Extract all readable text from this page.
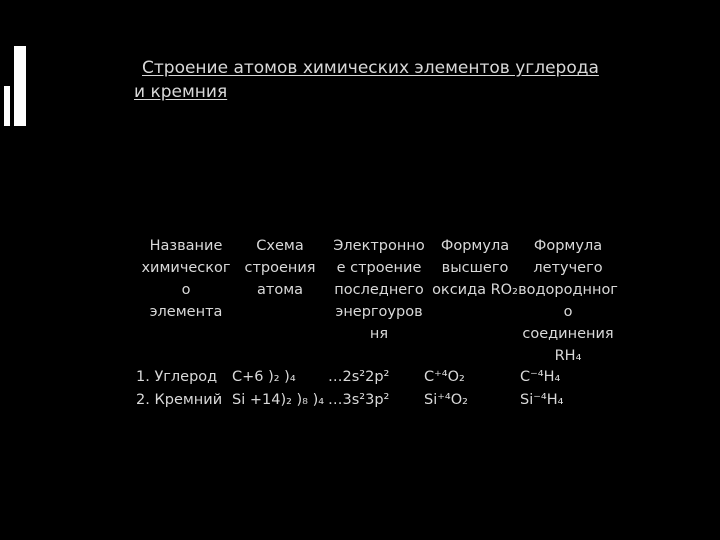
Строение атомов химических элементов углерода
и кремния
Название
химическог
о
элемента
Схема
строения
атома
Электронно
е строение
последнего
энергоуров
ня
Формула
высшего
оксида RO₂
Формула
летучего
водороднног
о
соединения
RH₄
1. Углерод C+6 )₂ )₄ …2s²2p² C⁺⁴O₂	C⁻⁴H₄
2. Кремний Si +14)₂ )₈ )₄ …3s²3p² Si⁺⁴O₂	Si⁻⁴H₄
